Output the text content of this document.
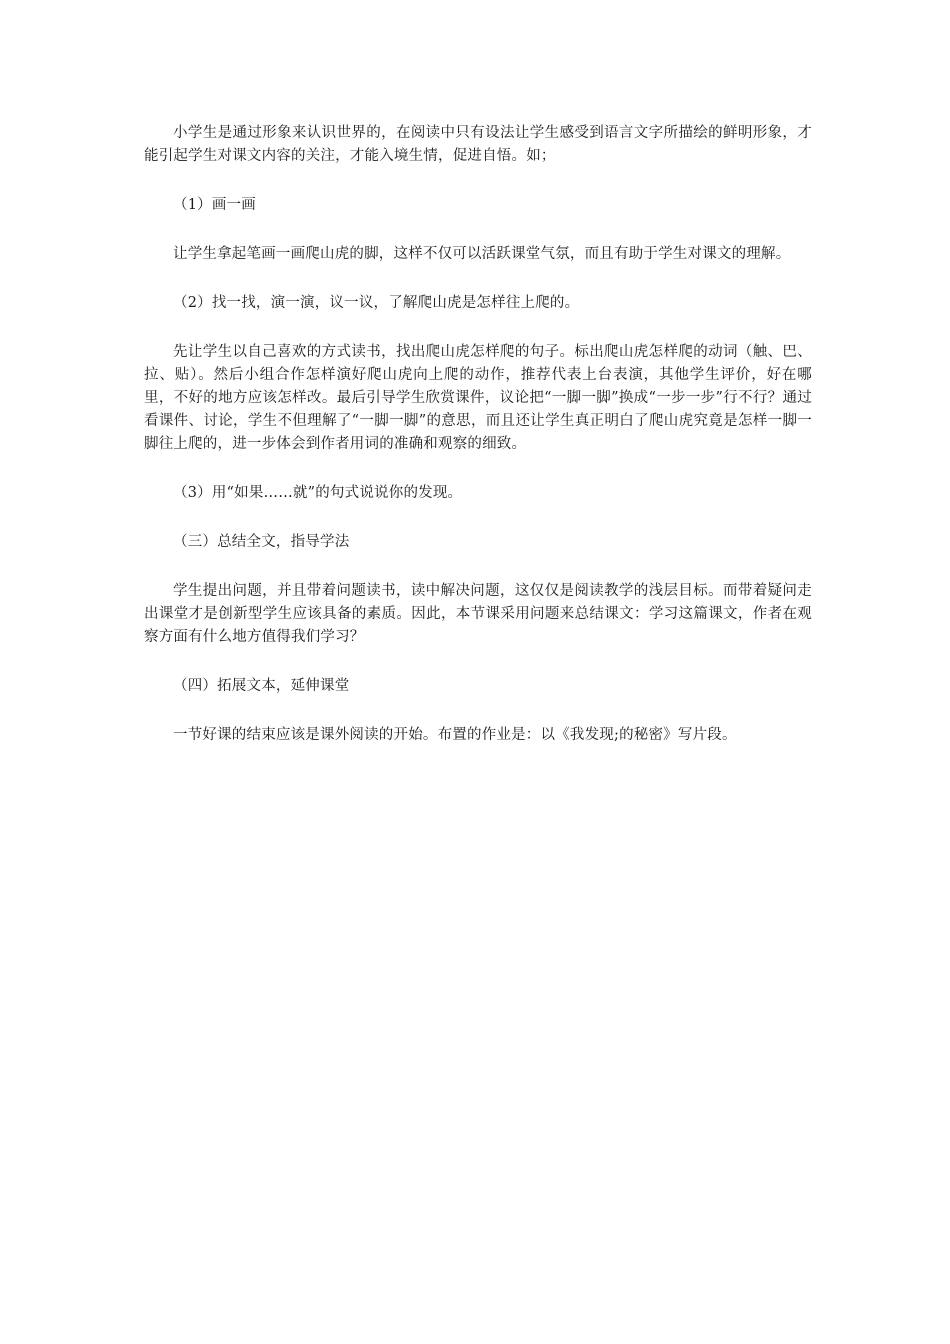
小学生是通过形象来认识世界的，在阅读中只有设法让学生感受到语言文字所描绘的鲜明形象，才能引起学生对课文内容的关注，才能入境生情，促进自悟。如；

（1）画一画

让学生拿起笔画一画爬山虎的脚，这样不仅可以活跃课堂气氛，而且有助于学生对课文的理解。

（2）找一找，演一演，议一议，了解爬山虎是怎样往上爬的。

先让学生以自己喜欢的方式读书，找出爬山虎怎样爬的句子。标出爬山虎怎样爬的动词（触、巴、拉、贴）。然后小组合作怎样演好爬山虎向上爬的动作，推荐代表上台表演，其他学生评价，好在哪里，不好的地方应该怎样改。最后引导学生欣赏课件，议论把“一脚一脚”换成“一步一步”行不行？通过看课件、讨论，学生不但理解了“一脚一脚”的意思，而且还让学生真正明白了爬山虎究竟是怎样一脚一脚往上爬的，进一步体会到作者用词的准确和观察的细致。

（3）用“如果……就”的句式说说你的发现。

（三）总结全文，指导学法

学生提出问题，并且带着问题读书，读中解决问题，这仅仅是阅读教学的浅层目标。而带着疑问走出课堂才是创新型学生应该具备的素质。因此，本节课采用问题来总结课文：学习这篇课文，作者在观察方面有什么地方值得我们学习？

（四）拓展文本，延伸课堂

一节好课的结束应该是课外阅读的开始。布置的作业是：以《我发现;的秘密》写片段。
